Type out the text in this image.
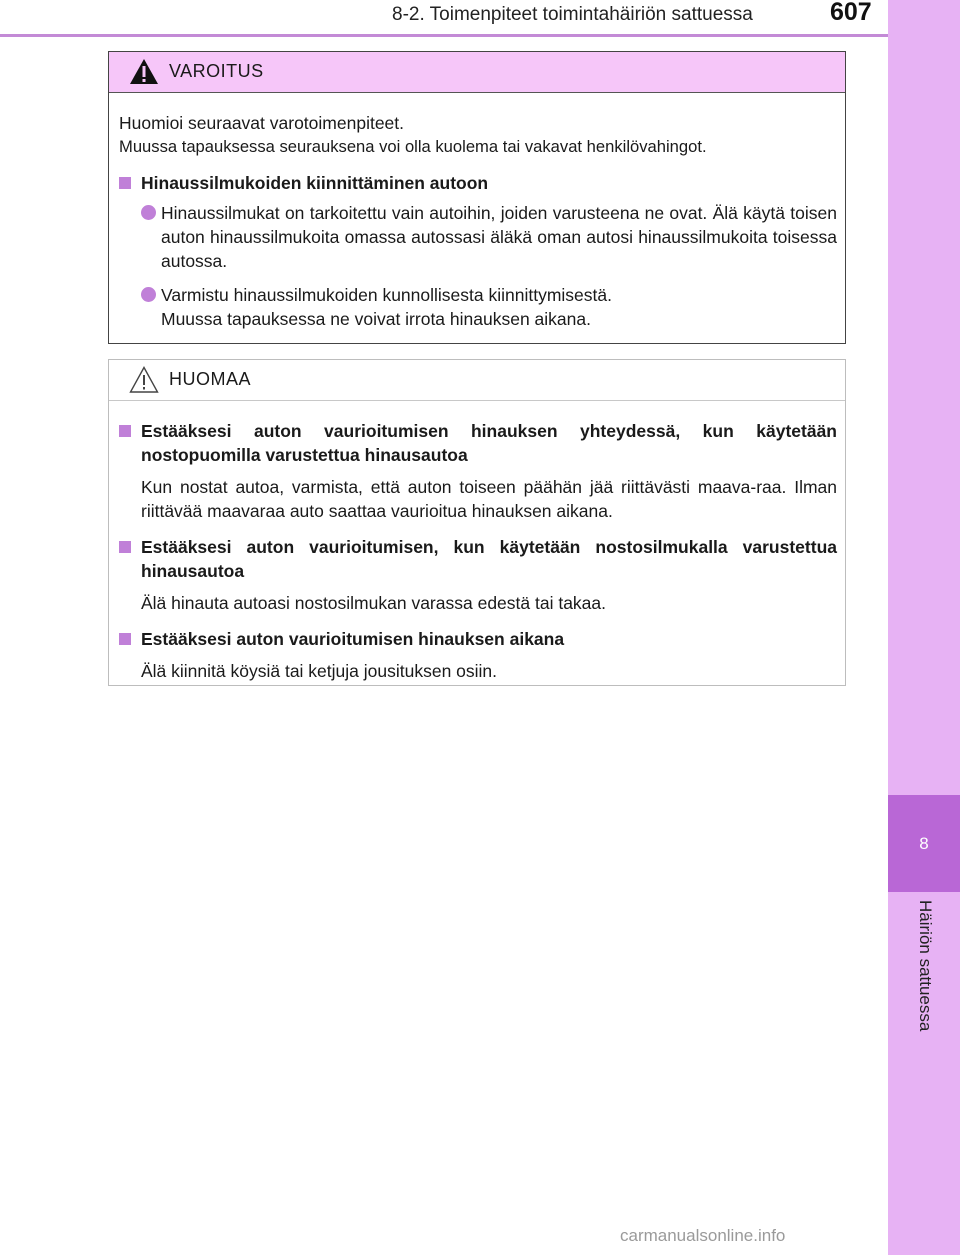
8-2. Toimenpiteet toimintahäiriön sattuessa	607
8
Häiriön sattuessa
VAROITUS
Huomioi seuraavat varotoimenpiteet.
Muussa tapauksessa seurauksena voi olla kuolema tai vakavat henkilövahingot.
Hinaussilmukoiden kiinnittäminen autoon
Hinaussilmukat on tarkoitettu vain autoihin, joiden varusteena ne ovat. Älä käytä toisen auton hinaussilmukoita omassa autossasi äläkä oman autosi hinaussilmukoita toisessa autossa.
Varmistu hinaussilmukoiden kunnollisesta kiinnittymisestä.
Muussa tapauksessa ne voivat irrota hinauksen aikana.
HUOMAA
Estääksesi auton vaurioitumisen hinauksen yhteydessä, kun käytetään nostopuomilla varustettua hinausautoa
Kun nostat autoa, varmista, että auton toiseen päähän jää riittävästi maava-raa. Ilman riittävää maavaraa auto saattaa vaurioitua hinauksen aikana.
Estääksesi auton vaurioitumisen, kun käytetään nostosilmukalla varustettua hinausautoa
Älä hinauta autoasi nostosilmukan varassa edestä tai takaa.
Estääksesi auton vaurioitumisen hinauksen aikana
Älä kiinnitä köysiä tai ketjuja jousituksen osiin.
carmanualsonline.info
